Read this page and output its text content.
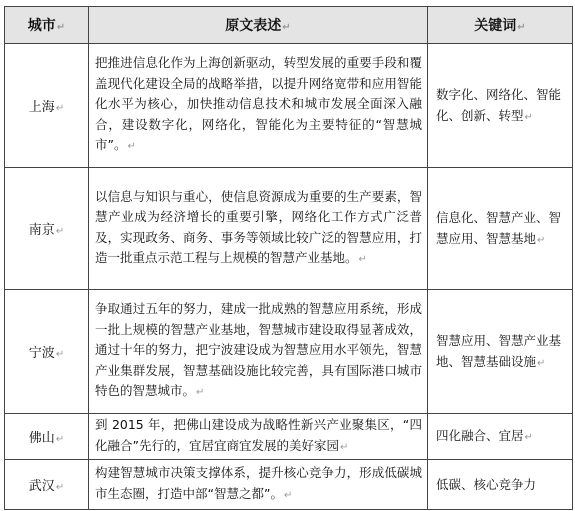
城市↵	原文表述↵	关键词↵
上海↵	把推进信息化作为上海创新驱动，转型发展的重要手段和覆盖现代化建设全局的战略举措，以提升网络宽带和应用智能化水平为核心，加快推动信息技术和城市发展全面深入融合，建设数字化，网络化，智能化为主要特征的“智慧城市”。↵	数字化、网络化、智能化、创新、转型↵
南京↵	以信息与知识与重心，使信息资源成为重要的生产要素，智慧产业成为经济增长的重要引擎，网络化工作方式广泛普及，实现政务、商务、事务等领域比较广泛的智慧应用，打造一批重点示范工程与上规模的智慧产业基地。↵	信息化、智慧产业、智慧应用、智慧基地↵
宁波↵	争取通过五年的努力，建成一批成熟的智慧应用系统，形成一批上规模的智慧产业基地，智慧城市建设取得显著成效，通过十年的努力，把宁波建设成为智慧应用水平领先，智慧产业集群发展，智慧基础设施比较完善，具有国际港口城市特色的智慧城市。↵	智慧应用、智慧产业基地、智慧基础设施↵
佛山↵	到 2015 年，把佛山建设成为战略性新兴产业聚集区，“四化融合”先行的，宜居宜商宜发展的美好家园↵	四化融合、宜居↵
武汉↵	构建智慧城市决策支撑体系，提升核心竞争力，形成低碳城市生态圈，打造中部“智慧之都”。↵	低碳、核心竞争力
